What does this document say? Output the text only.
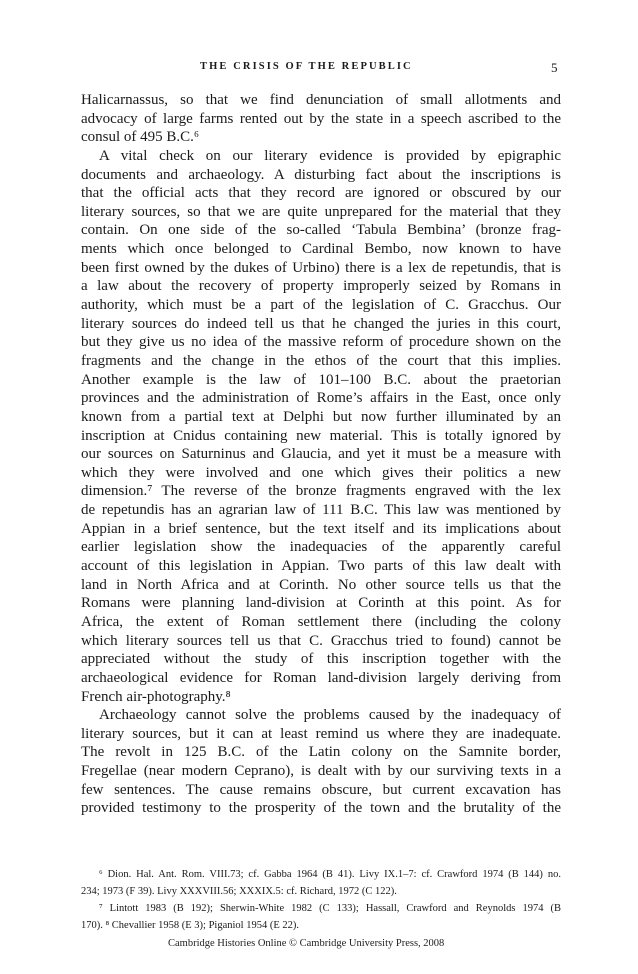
THE CRISIS OF THE REPUBLIC	5
Halicarnassus, so that we find denunciation of small allotments and
advocacy of large farms rented out by the state in a speech ascribed to the
consul of 495 B.C.⁶
A vital check on our literary evidence is provided by epigraphic
documents and archaeology. A disturbing fact about the inscriptions is
that the official acts that they record are ignored or obscured by our
literary sources, so that we are quite unprepared for the material that they
contain. On one side of the so-called ‘Tabula Bembina’ (bronze frag-
ments which once belonged to Cardinal Bembo, now known to have
been first owned by the dukes of Urbino) there is a lex de repetundis, that is
a law about the recovery of property improperly seized by Romans in
authority, which must be a part of the legislation of C. Gracchus. Our
literary sources do indeed tell us that he changed the juries in this court,
but they give us no idea of the massive reform of procedure shown on the
fragments and the change in the ethos of the court that this implies.
Another example is the law of 101–100 B.C. about the praetorian
provinces and the administration of Rome’s affairs in the East, once only
known from a partial text at Delphi but now further illuminated by an
inscription at Cnidus containing new material. This is totally ignored by
our sources on Saturninus and Glaucia, and yet it must be a measure with
which they were involved and one which gives their politics a new
dimension.⁷ The reverse of the bronze fragments engraved with the lex
de repetundis has an agrarian law of 111 B.C. This law was mentioned by
Appian in a brief sentence, but the text itself and its implications about
earlier legislation show the inadequacies of the apparently careful
account of this legislation in Appian. Two parts of this law dealt with
land in North Africa and at Corinth. No other source tells us that the
Romans were planning land-division at Corinth at this point. As for
Africa, the extent of Roman settlement there (including the colony
which literary sources tell us that C. Gracchus tried to found) cannot be
appreciated without the study of this inscription together with the
archaeological evidence for Roman land-division largely deriving from
French air-photography.⁸
Archaeology cannot solve the problems caused by the inadequacy of
literary sources, but it can at least remind us where they are inadequate.
The revolt in 125 B.C. of the Latin colony on the Samnite border,
Fregellae (near modern Ceprano), is dealt with by our surviving texts in a
few sentences. The cause remains obscure, but current excavation has
provided testimony to the prosperity of the town and the brutality of the
⁶ Dion. Hal. Ant. Rom. VIII.73; cf. Gabba 1964 (B 41). Livy IX.1–7: cf. Crawford 1974 (B 144) no.
234; 1973 (F 39). Livy XXXVIII.56; XXXIX.5: cf. Richard, 1972 (C 122).
⁷ Lintott 1983 (B 192); Sherwin-White 1982 (C 133); Hassall, Crawford and Reynolds 1974 (B
170). ⁸ Chevallier 1958 (E 3); Piganiol 1954 (E 22).
Cambridge Histories Online © Cambridge University Press, 2008
